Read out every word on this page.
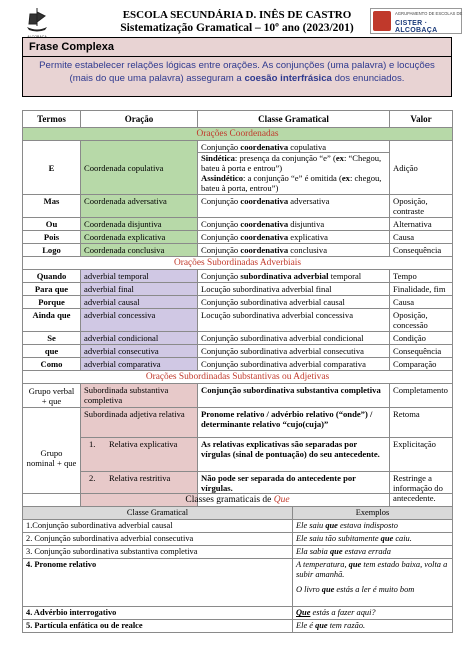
ESCOLA SECUNDÁRIA D. INÊS DE CASTRO
Sistematização Gramatical – 10º ano (2023/201)
AGRUPAMENTO DE ESCOLAS DE
CISTER · ALCOBAÇA
Frase Complexa
Permite estabelecer relações lógicas entre orações. As conjunções (uma palavra) e locuções (mais do que uma palavra) asseguram a coesão interfrásica dos enunciados.
Termos	Oração	Classe Gramatical	Valor
Orações Coordenadas			
E	Coordenada copulativa	Conjunção coordenativa copulativa
Sindética: presença da conjunção “e” (ex: “Chegou, bateu à porta e entrou”)
Assindético: a conjunção “e” é omitida (ex: chegou, bateu à porta, entrou”)	Adição
Mas	Coordenada adversativa	Conjunção coordenativa adversativa	Oposição, contraste
Ou	Coordenada disjuntiva	Conjunção coordenativa disjuntiva	Alternativa
Pois	Coordenada explicativa	Conjunção coordenativa explicativa	Causa
Logo	Coordenada conclusiva	Conjunção coordenativa conclusiva	Consequência
Orações Subordinadas Adverbiais			
Quando	adverbial temporal	Conjunção subordinativa adverbial temporal	Tempo
Para que	adverbial final	Locução subordinativa adverbial final	Finalidade, fim
Porque	adverbial causal	Conjunção subordinativa adverbial causal	Causa
Ainda que	adverbial concessiva	Locução subordinativa adverbial concessiva	Oposição, concessão
Se	adverbial condicional	Conjunção subordinativa adverbial condicional	Condição
que	adverbial consecutiva	Conjunção subordinativa adverbial consecutiva	Consequência
Como	adverbial comparativa	Conjunção subordinativa adverbial comparativa	Comparação
Orações Subordinadas Substantivas ou Adjetivas			
Grupo verbal + que	Subordinada substantiva completiva	Conjunção subordinativa substantiva completiva	Completamento
Grupo nominal + que	Subordinada adjetiva relativa	Pronome relativo / advérbio relativo (“onde”) / determinante relativo “cujo(cuja)”	Retoma
	1. Relativa explicativa	As relativas explicativas são separadas por vírgulas (sinal de pontuação) do seu antecedente.	Explicitação
	2. Relativa restritiva	Não pode ser separada do antecedente por vírgulas.	Restringe a informação do antecedente.
Classes gramaticais de Que	
Classe Gramatical	Exemplos
1.Conjunção subordinativa adverbial causal	Ele saiu que estava indisposto
2. Conjunção subordinativa adverbial consecutiva	Ele saiu tão subitamente que caiu.
3. Conjunção subordinativa substantiva completiva	Ela sabia que estava errada
4. Pronome relativo	A temperatura, que tem estado baixa, volta a subir amanhã.
O livro que estás a ler é muito bom

4. Advérbio interrogativo	Que estás a fazer aqui?
5. Partícula enfática ou de realce	Ele é que tem razão.
